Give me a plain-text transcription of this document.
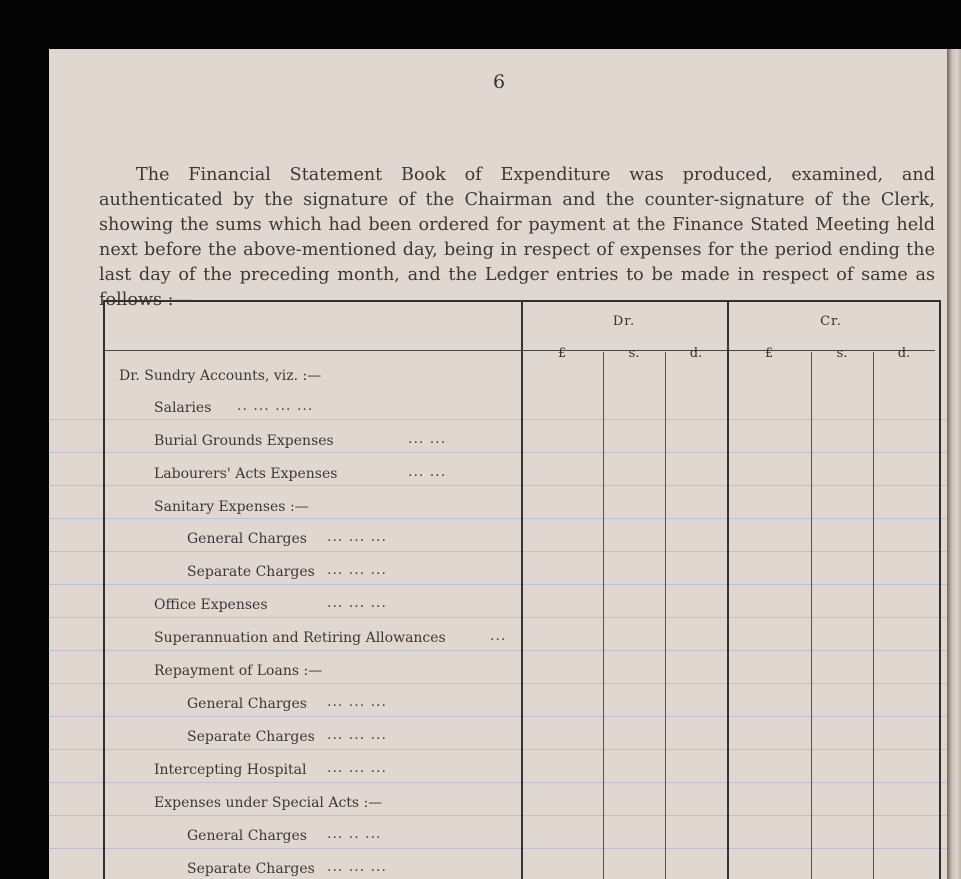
6

The Financial Statement Book of Expenditure was produced, examined, and authenticated by the signature of the Chairman and the counter-signature of the Clerk, showing the sums which had been ordered for payment at the Finance Stated Meeting held next before the above-mentioned day, being in respect of expenses for the period ending the last day of the preceding month, and the Ledger entries to be made in respect of same as follows :—

Dr.	Cr.
£	s.	d.	£	s.	d.
Dr. Sundry Accounts, viz. :—
Salaries .. ... ... ...
Burial Grounds Expenses	... ...
Labourers' Acts Expenses	... ...
Sanitary Expenses :—
General Charges ... ... ...
Separate Charges ... ... ...
Office Expenses	... ... ...
Superannuation and Retiring Allowances	...
Repayment of Loans :—
General Charges ... ... ...
Separate Charges ... ... ...
Intercepting Hospital ... ... ...
Expenses under Special Acts :—
General Charges ... .. ...
Separate Charges ... ... ...
